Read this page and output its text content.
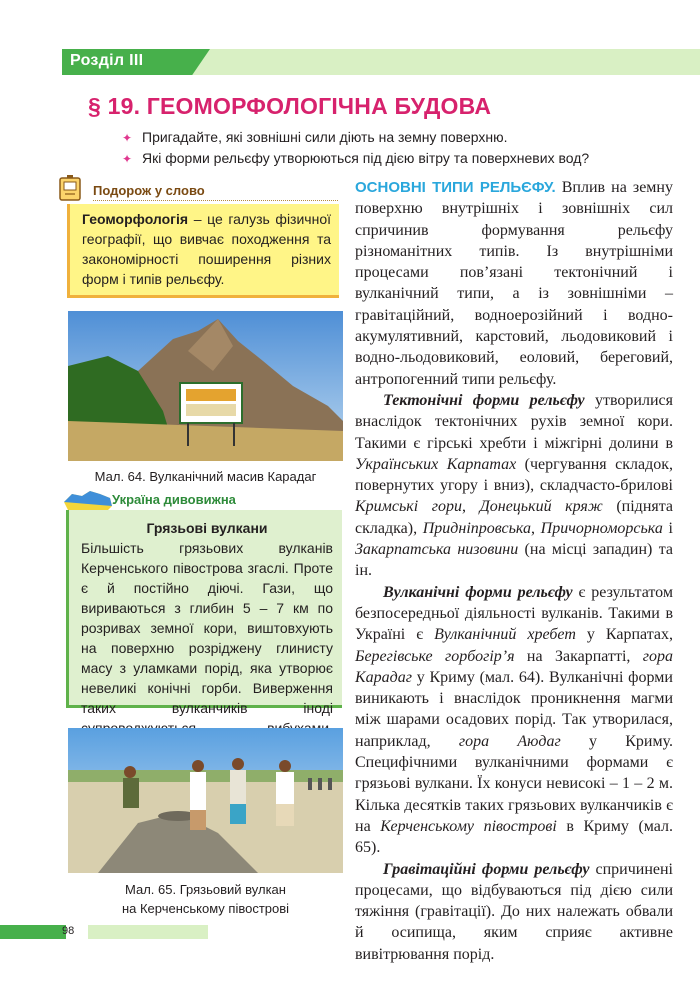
Розділ III
§ 19. ГЕОМОРФОЛОГІЧНА БУДОВА
✦ Пригадайте, які зовнішні сили діють на земну поверхню.
✦ Які форми рельєфу утворюються під дією вітру та поверхневих вод?
Подорож у слово
Геоморфологія – це галузь фізичної географії, що вивчає походження та закономірності поширення різних форм і типів рельєфу.
Мал. 64. Вулканічний масив Карадаг
Україна дивовижна
Грязьові вулкани
Більшість грязьових вулканів Керченського півострова згаслі. Проте є й постійно діючі. Гази, що вириваються з глибин 5 – 7 км по розривах земної кори, виштовхують на поверхню розріджену глинисту масу з уламками порід, яка утворює невеликі конічні горби. Виверження таких вулканчиків іноді
Мал. 65. Грязьовий вулкан
на Керченському півострові
98

ОСНОВНІ ТИПИ РЕЛЬЄФУ. Вплив на земну поверхню внутрішніх і зовнішніх сил спричинив формування рельєфу різноманітних типів. Із внутрішніми процесами пов’язані тектонічний і вулканічний типи, а із зовнішніми – гравітаційний, водноерозійний і водно-акумулятивний, карстовий, льодовиковий і водно-льодовиковий, еоловий, береговий, антропогенний типи рельєфу.

Тектонічні форми рельєфу утворилися внаслідок тектонічних рухів земної кори. Такими є гірські хребти і міжгірні долини в Українських Карпатах (чергування складок, повернутих угору і вниз), складчасто-брилові Кримські гори, Донецький кряж (піднята складка), Придніпровська, Причорноморська і Закарпатська низовини (на місці западин) та ін.

Вулканічні форми рельєфу є результатом безпосередньої діяльності вулканів. Такими в Україні є Вулканічний хребет у Карпатах, Берегівське горбогір’я на Закарпатті, гора Карадаг у Криму (мал. 64). Вулканічні форми виникають і внаслідок проникнення магми між шарами осадових порід. Так утворилася, наприклад, гора Аюдаг у Криму. Специфічними вулканічними формами є грязьові вулкани. Їх конуси невисокі – 1 – 2 м. Кілька десятків таких грязьових вулканчиків є на Керченському півострові в Криму (мал. 65).

Гравітаційні форми рельєфу спричинені процесами, що відбуваються під дією сили тяжіння (гравітації). До них належать обвали й осипища, яким сприяє активне вивітрювання порід.
